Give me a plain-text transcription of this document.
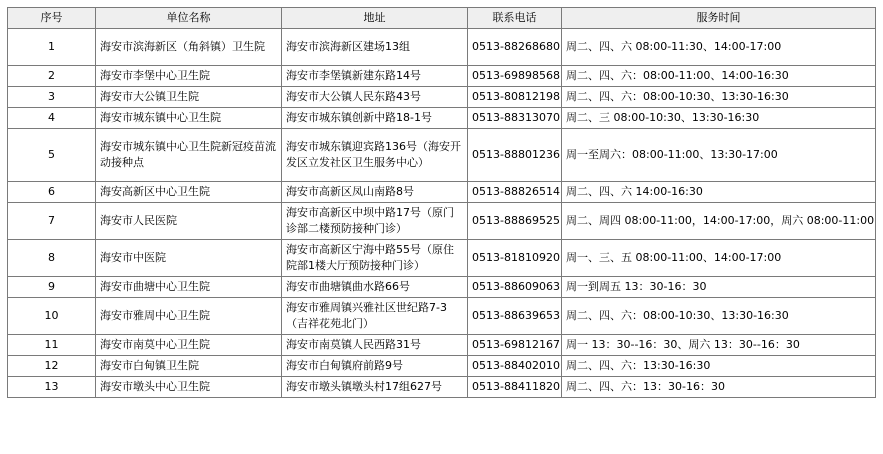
序号	单位名称	地址	联系电话	服务时间
1	海安市滨海新区（角斜镇）卫生院	海安市滨海新区建场13组	0513-88268680	周二、四、六 08:00-11:30、14:00-17:00
2	海安市李堡中心卫生院	海安市李堡镇新建东路14号	0513-69898568	周二、四、六：08:00-11:00、14:00-16:30
3	海安市大公镇卫生院	海安市大公镇人民东路43号	0513-80812198	周二、四、六：08:00-10:30、13:30-16:30
4	海安市城东镇中心卫生院	海安市城东镇创新中路18-1号	0513-88313070	周二、三 08:00-10:30、13:30-16:30
5	海安市城东镇中心卫生院新冠疫苗流动接种点	海安市城东镇迎宾路136号（海安开发区立发社区卫生服务中心）	0513-88801236	周一至周六：08:00-11:00、13:30-17:00
6	海安高新区中心卫生院	海安市高新区凤山南路8号	0513-88826514	周二、四、六 14:00-16:30
7	海安市人民医院	海安市高新区中坝中路17号（原门诊部二楼预防接种门诊）	0513-88869525	周二、周四 08:00-11:00，14:00-17:00，周六 08:00-11:00
8	海安市中医院	海安市高新区宁海中路55号（原住院部1楼大厅预防接种门诊）	0513-81810920	周一、三、五 08:00-11:00、14:00-17:00
9	海安市曲塘中心卫生院	海安市曲塘镇曲水路66号	0513-88609063	周一到周五 13：30-16：30
10	海安市雅周中心卫生院	海安市雅周镇兴雅社区世纪路7-3（吉祥花苑北门）	0513-88639653	周二、四、六：08:00-10:30、13:30-16:30
11	海安市南莫中心卫生院	海安市南莫镇人民西路31号	0513-69812167	周一 13：30--16：30、周六 13：30--16：30
12	海安市白甸镇卫生院	海安市白甸镇府前路9号	0513-88402010	周二、四、六：13:30-16:30
13	海安市墩头中心卫生院	海安市墩头镇墩头村17组627号	0513-88411820	周二、四、六：13：30-16：30
